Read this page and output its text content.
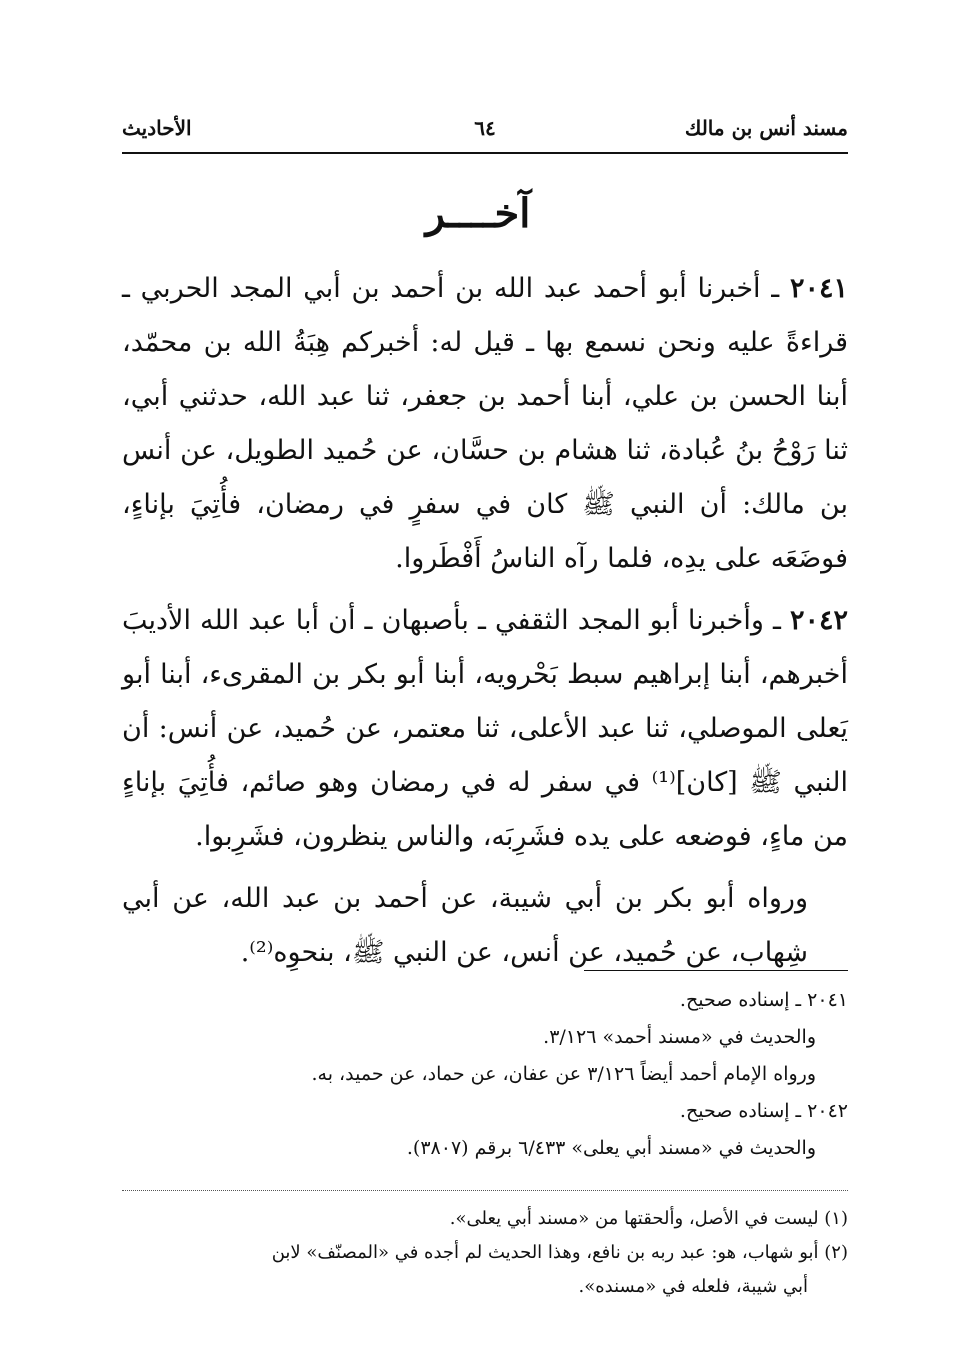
مسند أنس بن مالك
٦٤
الأحاديث
آخــــر

٢٠٤١ ـ أخبرنا أبو أحمد عبد الله بن أحمد بن أبي المجد الحربي ـ قراءةً عليه ونحن نسمع بها ـ قيل له: أخبركم هِبَةُ الله بن محمّد، أبنا الحسن بن علي، أبنا أحمد بن جعفر، ثنا عبد الله، حدثني أبي، ثنا رَوْحُ بنُ عُبادة، ثنا هشام بن حسَّان، عن حُميد الطويل، عن أنس بن مالك: أن النبي ﷺ كان في سفرٍ في رمضان، فأُتِيَ بإناءٍ، فوضَعَه على يدِه، فلما رآه الناسُ أَفْطَروا.

٢٠٤٢ ـ وأخبرنا أبو المجد الثقفي ـ بأصبهان ـ أن أبا عبد الله الأديبَ أخبرهم، أبنا إبراهيم سبط بَحْرويه، أبنا أبو بكر بن المقرىء، أبنا أبو يَعلى الموصلي، ثنا عبد الأعلى، ثنا معتمر، عن حُميد، عن أنس: أن النبي ﷺ [كان]⁽¹⁾ في سفر له في رمضان وهو صائم، فأُتِيَ بإناءٍ من ماءٍ، فوضعه على يده فشَرِبَه، والناس ينظرون، فشَرِبوا.

ورواه أبو بكر بن أبي شيبة، عن أحمد بن عبد الله، عن أبي شِهاب، عن حُميد، عن أنس، عن النبي ﷺ، بنحوِه⁽²⁾.

٢٠٤١ ـ إسناده صحيح.
والحديث في «مسند أحمد» ٣/١٢٦.
ورواه الإمام أحمد أيضاً ٣/١٢٦ عن عفان، عن حماد، عن حميد، به.
٢٠٤٢ ـ إسناده صحيح.
والحديث في «مسند أبي يعلى» ٦/٤٣٣ برقم (٣٨٠٧).
(١) ليست في الأصل، وألحقتها من «مسند أبي يعلى».
(٢) أبو شهاب، هو: عبد ربه بن نافع، وهذا الحديث لم أجده في «المصنّف» لابن
أبي شيبة، فلعله في «مسنده».
